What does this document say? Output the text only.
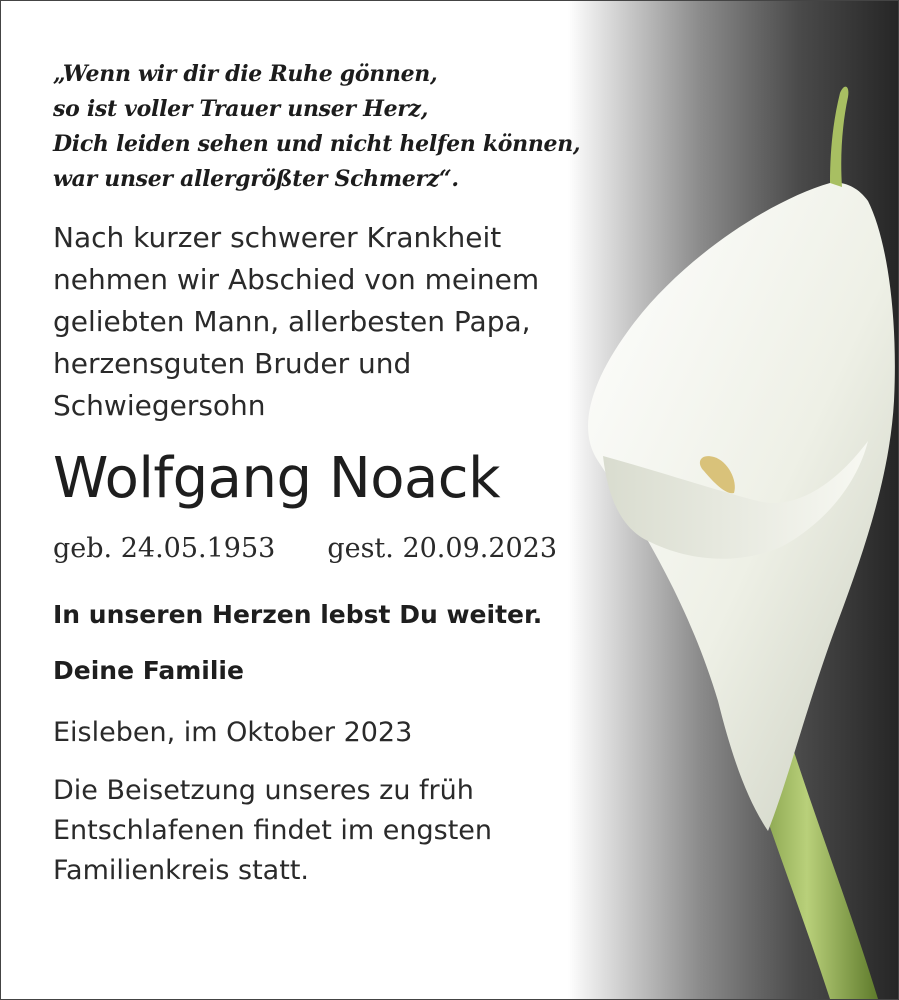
„Wenn wir dir die Ruhe gönnen,
so ist voller Trauer unser Herz,
Dich leiden sehen und nicht helfen können,
war unser allergrößter Schmerz“.
Nach kurzer schwerer Krankheit
nehmen wir Abschied von meinem
geliebten Mann, allerbesten Papa,
herzensguten Bruder und
Schwiegersohn
Wolfgang Noack
geb. 24.05.1953 gest. 20.09.2023
In unseren Herzen lebst Du weiter.
Deine Familie
Eisleben, im Oktober 2023
Die Beisetzung unseres zu früh
Entschlafenen findet im engsten
Familienkreis statt.
